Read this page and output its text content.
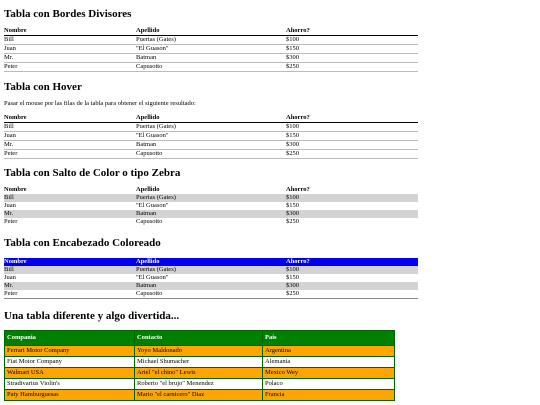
Tabla con Bordes Divisores
Nombre	Apellido	Ahorro?
Bill	Puertas (Gates)	$100
Juan	"El Guason"	$150
Mr.	Batman	$300
Peter	Capusotto	$250
Tabla con Hover

Pasar el mouse por las filas de la tabla para obtener el siguiente resultado:

Nombre	Apellido	Ahorro?
Bill	Puertas (Gates)	$100
Juan	"El Guason"	$150
Mr.	Batman	$300
Peter	Capusotto	$250
Tabla con Salto de Color o tipo Zebra
Nombre	Apellido	Ahorro?
Bill	Puertas (Gates)	$100
Juan	"El Guason"	$150
Mr.	Batman	$300
Peter	Capusotto	$250
Tabla con Encabezado Coloreado
Nombre	Apellido	Ahorro?
Bill	Puertas (Gates)	$100
Juan	"El Guason"	$150
Mr.	Batman	$300
Peter	Capusotto	$250
Una tabla diferente y algo divertida...
Compania	Contacto	Pais
Ferrari Motor Company	Yoyo Maldonado	Argentina
Fiat Motor Company	Michael Shumacher	Alemania
Walmart USA	Ariel "el chino" Lewis	Mexico Wey
Stradivarius Violin's	Roberto "el brujo" Menendez	Polaco
Paty Hamburguesas	Mario "el carnicero" Diaz	Francia
